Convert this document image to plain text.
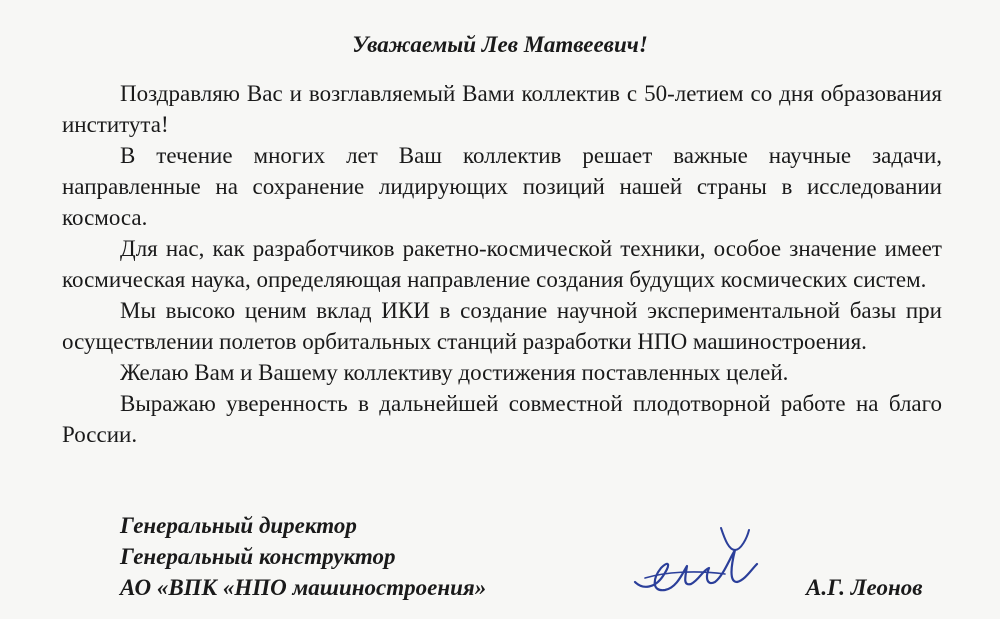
Уважаемый Лев Матвеевич!

Поздравляю Вас и возглавляемый Вами коллектив с 50-летием со дня образования института!

В течение многих лет Ваш коллектив решает важные научные задачи, направленные на сохранение лидирующих позиций нашей страны в исследовании космоса.

Для нас, как разработчиков ракетно-космической техники, особое значение имеет космическая наука, определяющая направление создания будущих космических систем.

Мы высоко ценим вклад ИКИ в создание научной экспериментальной базы при осуществлении полетов орбитальных станций разработки НПО машиностроения.

Желаю Вам и Вашему коллективу достижения поставленных целей.

Выражаю уверенность в дальнейшей совместной плодотворной работе на благо России.

Генеральный директор
Генеральный конструктор
АО «ВПК «НПО машиностроения»	А.Г. Леонов
